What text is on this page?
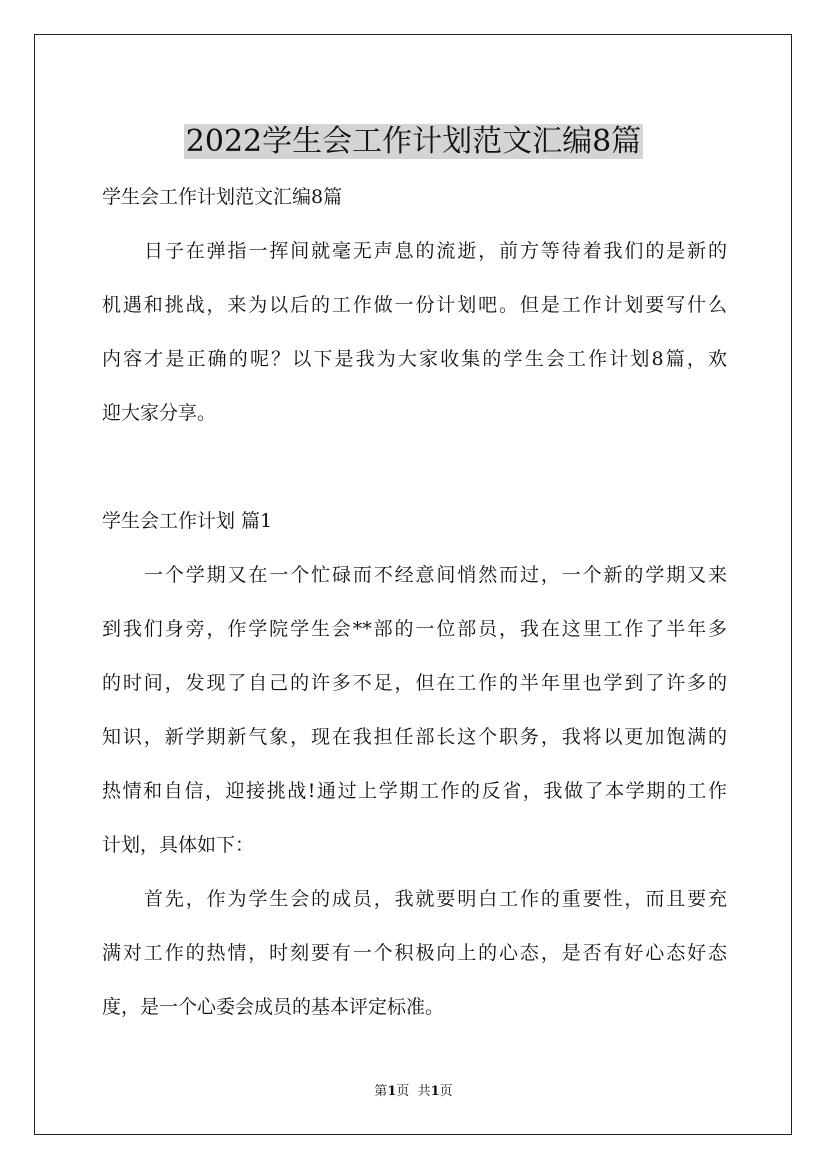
2022学生会工作计划范文汇编8篇
学生会工作计划范文汇编8篇
日子在弹指一挥间就毫无声息的流逝，前方等待着我们的是新的
机遇和挑战，来为以后的工作做一份计划吧。但是工作计划要写什么
内容才是正确的呢？以下是我为大家收集的学生会工作计划8篇，欢
迎大家分享。
学生会工作计划 篇1
一个学期又在一个忙碌而不经意间悄然而过，一个新的学期又来
到我们身旁，作学院学生会**部的一位部员，我在这里工作了半年多
的时间，发现了自己的许多不足，但在工作的半年里也学到了许多的
知识，新学期新气象，现在我担任部长这个职务，我将以更加饱满的
热情和自信，迎接挑战!通过上学期工作的反省，我做了本学期的工作
计划，具体如下：
首先，作为学生会的成员，我就要明白工作的重要性，而且要充
满对工作的热情，时刻要有一个积极向上的心态，是否有好心态好态
度，是一个心委会成员的基本评定标准。
第1页  共1页
